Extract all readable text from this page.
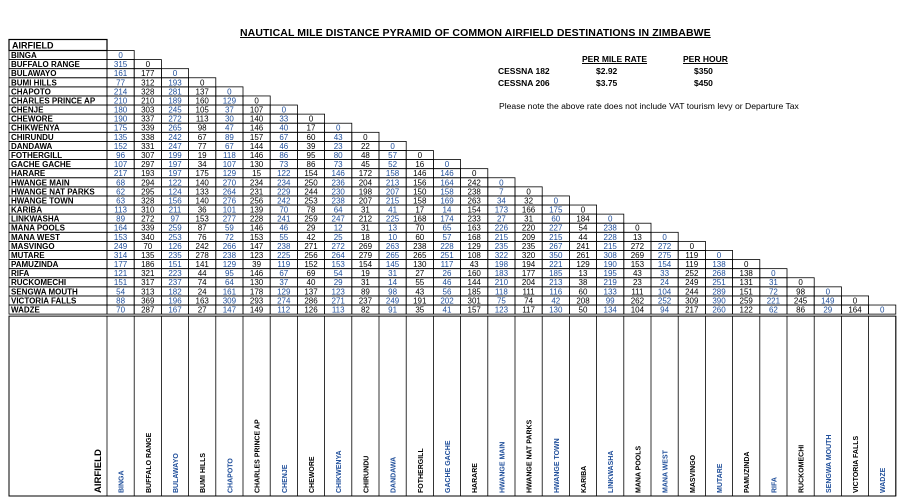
NAUTICAL MILE DISTANCE PYRAMID OF COMMON AIRFIELD DESTINATIONS IN ZIMBABWE
PER MILE RATE	PER HOUR
CESSNA 182	$2.92	$350
CESSNA 206	$3.75	$450
Please note the above rate does not include VAT tourism levy or Departure Tax
AIRFIELD
BINGA	0
BUFFALO RANGE	315 0
BULAWAYO	161 177 0
BUMI HILLS	77 312 193 0
CHAPOTO	214 328 281 137 0
CHARLES PRINCE AP 210 210 189 160 129 0
CHENJE	180 303 245 105 37 107 0
CHEWORE	190 337 272 113 30 140 33	0
CHIKWENYA	175 339 265 98 47 146 40 17	0
CHIRUNDU	135 338 242 67 89 157 67 60 43	0
DANDAWA	152 331 247 77 67 144 46 39 23 22	0
FOTHERGILL	96 307 199 19 118 146 86 95 80 48 57	0
GACHE GACHE	107 297 197 34 107 130 73 86 73 45 52 16	0
HARARE	217 193 197 175 129 15 122 154 146 172 158 146 146 0
HWANGE MAIN	68 294 122 140 270 234 234 250 236 204 213 156 164 242 0
HWANGE NAT PARKS	62 295 124 133 264 231 229 244 230 198 207 150 158 238 7	0
HWANGE TOWN	63 328 156 140 276 256 242 253 238 207 215 158 169 263 34 32	0
KARIBA	113 310 211 36 101 139 70 78 64 31 41 17 14 154 173 166 175 0
LINKWASHA	89 272 97 153 277 228 241 259 247 212 225 168 174 233 27 31 60 184 0
MANA POOLS	164 339 259 87 59 146 46 29 12 31 13 70 65 163 226 220 227 54 238 0
MANA WEST	153 340 253 76 72 153 55 42 25 18 10 60 57 168 215 209 215 44 228 13	0
MASVINGO	249 70 126 242 266 147 238 271 272 269 263 238 228 129 235 235 267 241 215 272 272 0
MUTARE	314 135 235 278 238 123 225 256 264 279 265 265 251 108 322 320 350 261 308 269 275 119 0
PAMUZINDA	177 186 151 141 129 39 119 152 153 154 145 130 117 43 198 194 221 129 190 153 154 119 138 0
RIFA	121 321 223 44 95 146 67 69 54 19 31 27 26 160 183 177 185 13 195 43 33 252 268 138 0
RUCKOMECHI	151 317 237 74 64 130 37 40 29 31 14 55 46 144 210 204 213 38 219 23 24 249 251 131 31	0
SENGWA MOUTH	54 313 182 24 161 178 129 137 123 89 98 43 56 185 118 111 116 60 133 111 104 244 289 151 72 98	0
VICTORIA FALLS	88 369 196 163 309 293 274 286 271 237 249 191 202 301 75 74 42 208 99 262 252 309 390 259 221 245 149 0
WADZE	70 287 167 27 147 149 112 126 113 82 91 35 41 157 123 117 130 50 134 104 94 217 260 122 62 86 29 164 0
AIRFIELD BINGA	BUFFALO RANGE	BULAWAYO	BUMI HILLS	CHAPOTO	CHARLES PRINCE AP	CHENJE	CHEWORE	CHIKWENYA	CHIRUNDU	DANDAWA	FOTHERGILL	GACHE GACHE	HARARE	HWANGE MAIN	HWANGE NAT PARKS	HWANGE TOWN	KARIBA	LINKWASHA	MANA POOLS	MANA WEST	MASVINGO	MUTARE	PAMUZINDA	RIFA	RUCKOMECHI	SENGWA MOUTH	VICTORIA FALLS	WADZE
